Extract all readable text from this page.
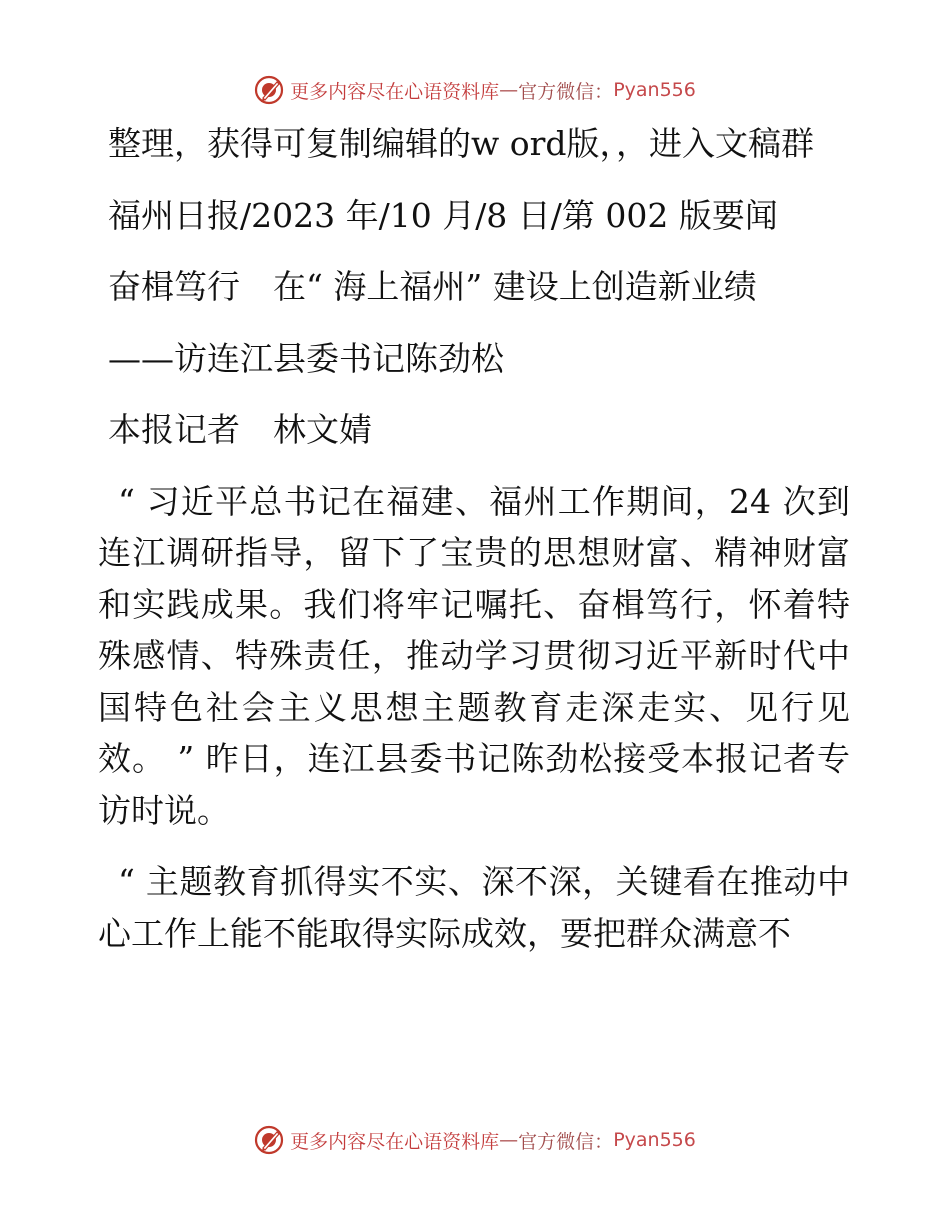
更多内容尽在心语资料库 — 官方微信： Pyan556

整理，获得可复制编辑的w ord版，，进入文稿群

福州日报/2023 年/10 月/8 日/第 002 版要闻

奋楫笃行　在“ 海上福州” 建设上创造新业绩

——访连江县委书记陈劲松

本报记者　林文婧

“ 习近平总书记在福建、福州工作期间，24 次到连江调研指导，留下了宝贵的思想财富、精神财富和实践成果。我们将牢记嘱托、奋楫笃行，怀着特殊感情、特殊责任，推动学习贯彻习近平新时代中国特色社会主义思想主题教育走深走实、见行见效。 ” 昨日，连江县委书记陈劲松接受本报记者专访时说。

“ 主题教育抓得实不实、深不深，关键看在推动中心工作上能不能取得实际成效，要把群众满意不

更多内容尽在心语资料库 — 官方微信： Pyan556
